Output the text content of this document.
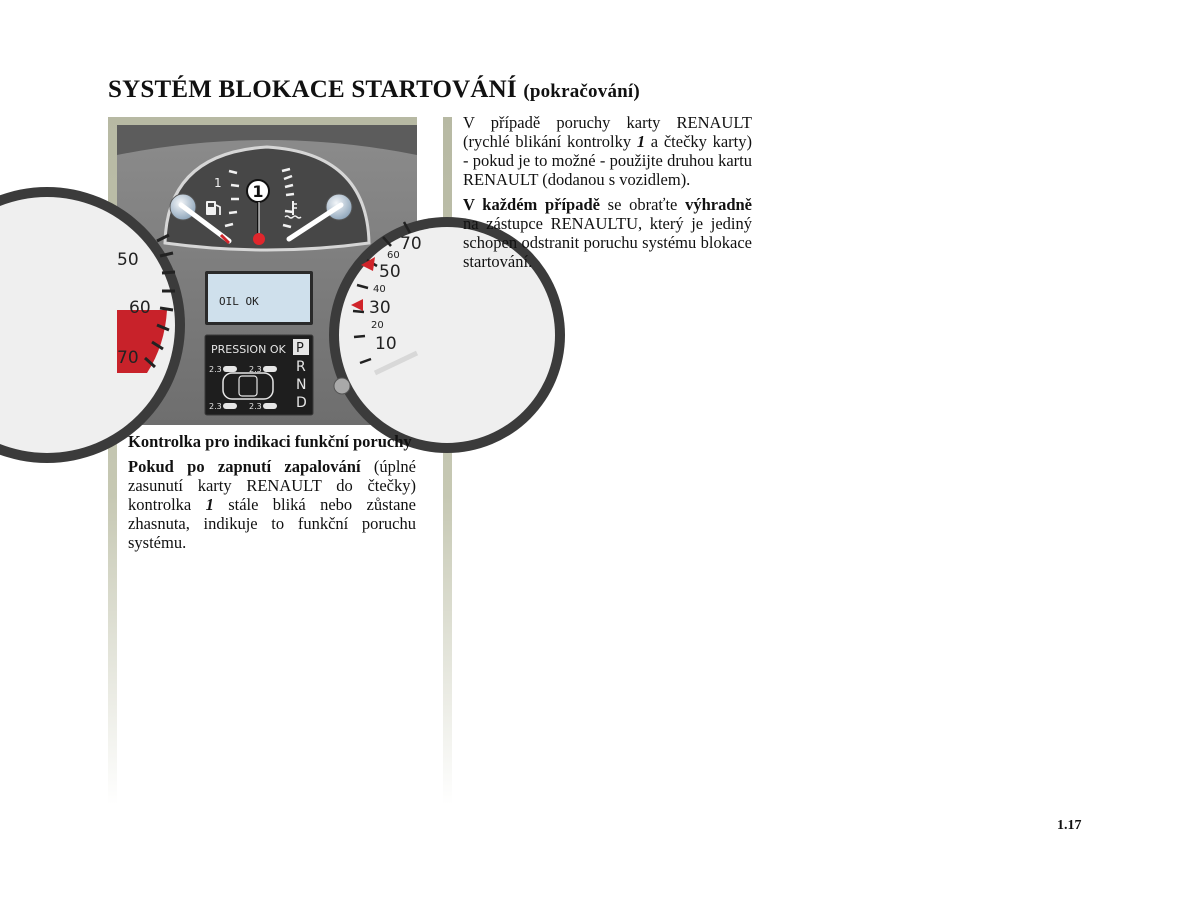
SYSTÉM BLOKACE STARTOVÁNÍ (pokračování)
50
60
70
70
50
30
10
60
40
20
1 1
OIL OK
PRESSION OK P
R
N
D
2.3	2.3
2.3	2.3

Kontrolka pro indikaci funkční poruchy

Pokud po zapnutí zapalování (úplné zasunutí karty RENAULT do čtečky) kontrolka 1 stále bliká nebo zůstane zhasnuta, indikuje to funkční poruchu systému.

V případě poruchy karty RENAULT (rychlé blikání kontrolky 1 a čtečky karty) - pokud je to možné - použijte druhou kartu RENAULT (dodanou s vozidlem).

V každém případě se obraťte výhradně na zástupce RENAULTU, který je jediný schopen odstranit poruchu systému blokace startování.

1.17
